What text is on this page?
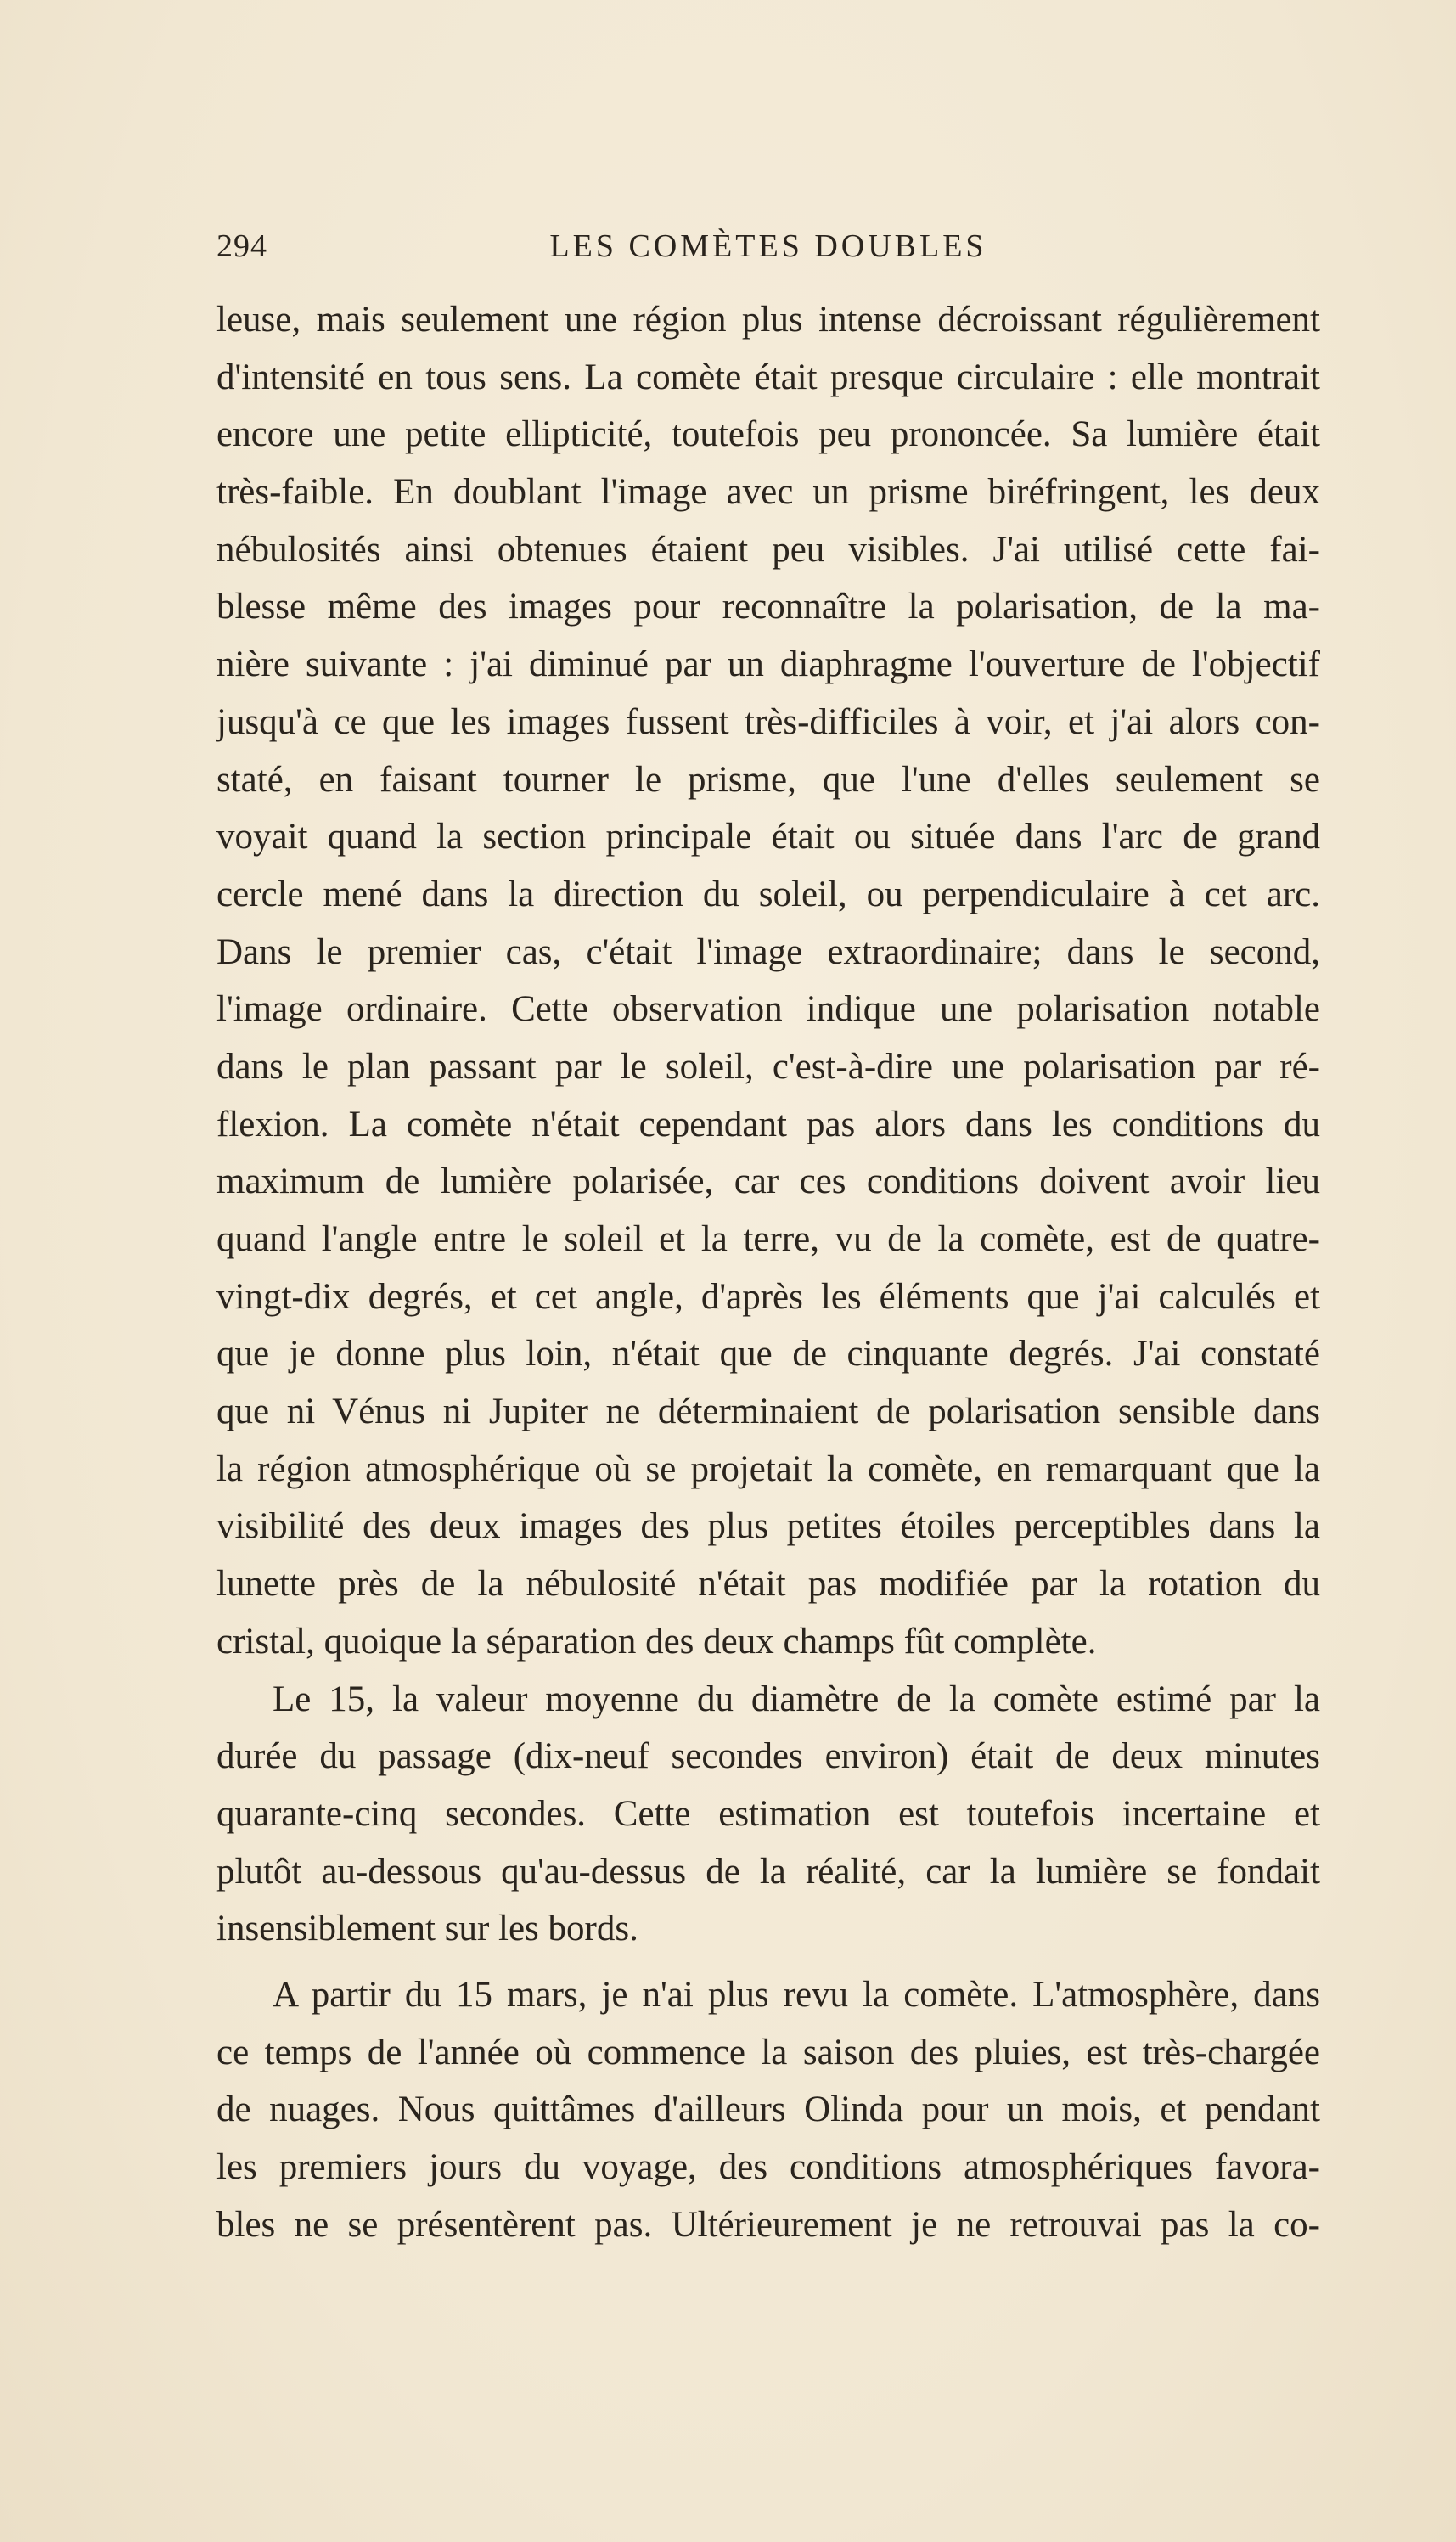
294	LES COMÈTES DOUBLES
leuse, mais seulement une région plus intense décroissant régulièrement
d'intensité en tous sens. La comète était presque circulaire : elle montrait
encore une petite ellipticité, toutefois peu prononcée. Sa lumière était
très-faible. En doublant l'image avec un prisme biréfringent, les deux
nébulosités ainsi obtenues étaient peu visibles. J'ai utilisé cette fai-
blesse même des images pour reconnaître la polarisation, de la ma-
nière suivante : j'ai diminué par un diaphragme l'ouverture de l'objectif
jusqu'à ce que les images fussent très-difficiles à voir, et j'ai alors con-
staté, en faisant tourner le prisme, que l'une d'elles seulement se
voyait quand la section principale était ou située dans l'arc de grand
cercle mené dans la direction du soleil, ou perpendiculaire à cet arc.
Dans le premier cas, c'était l'image extraordinaire; dans le second,
l'image ordinaire. Cette observation indique une polarisation notable
dans le plan passant par le soleil, c'est-à-dire une polarisation par ré-
flexion. La comète n'était cependant pas alors dans les conditions du
maximum de lumière polarisée, car ces conditions doivent avoir lieu
quand l'angle entre le soleil et la terre, vu de la comète, est de quatre-
vingt-dix degrés, et cet angle, d'après les éléments que j'ai calculés et
que je donne plus loin, n'était que de cinquante degrés. J'ai constaté
que ni Vénus ni Jupiter ne déterminaient de polarisation sensible dans
la région atmosphérique où se projetait la comète, en remarquant que la
visibilité des deux images des plus petites étoiles perceptibles dans la
lunette près de la nébulosité n'était pas modifiée par la rotation du
cristal, quoique la séparation des deux champs fût complète.
Le 15, la valeur moyenne du diamètre de la comète estimé par la
durée du passage (dix-neuf secondes environ) était de deux minutes
quarante-cinq secondes. Cette estimation est toutefois incertaine et
plutôt au-dessous qu'au-dessus de la réalité, car la lumière se fondait
insensiblement sur les bords.
A partir du 15 mars, je n'ai plus revu la comète. L'atmosphère, dans
ce temps de l'année où commence la saison des pluies, est très-chargée
de nuages. Nous quittâmes d'ailleurs Olinda pour un mois, et pendant
les premiers jours du voyage, des conditions atmosphériques favora-
bles ne se présentèrent pas. Ultérieurement je ne retrouvai pas la co-
